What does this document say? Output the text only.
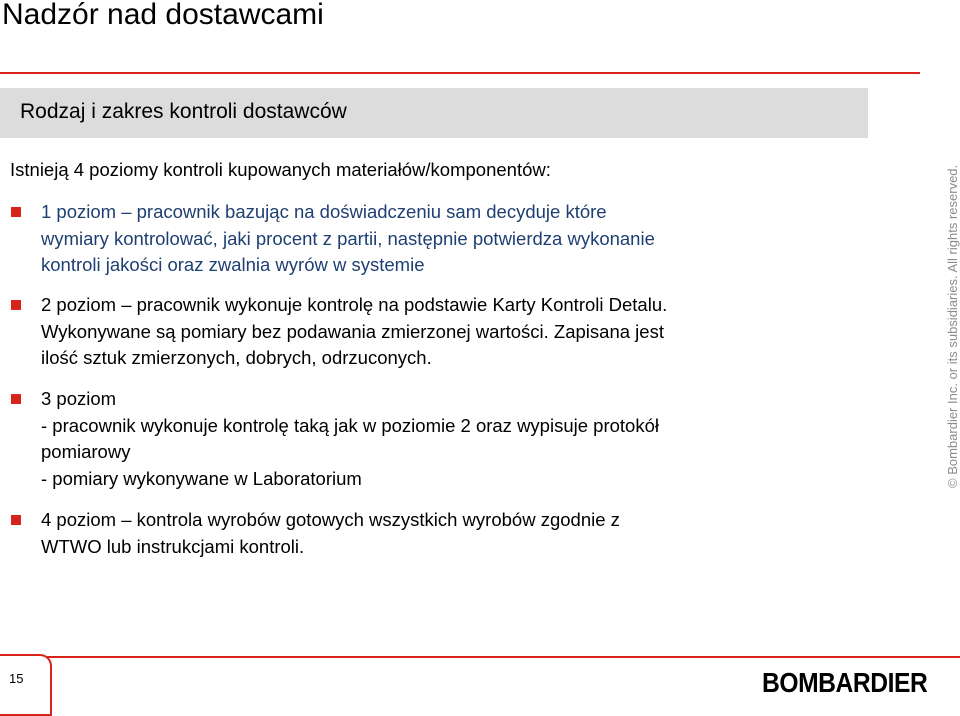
Nadzór nad dostawcami
Rodzaj i zakres kontroli dostawców
Istnieją 4 poziomy kontroli kupowanych materiałów/komponentów:
1 poziom – pracownik bazując na doświadczeniu sam decyduje które
wymiary kontrolować, jaki procent z partii, następnie potwierdza wykonanie
kontroli jakości oraz zwalnia wyrów w systemie
2 poziom – pracownik wykonuje kontrolę na podstawie Karty Kontroli Detalu.
Wykonywane są pomiary bez podawania zmierzonej wartości. Zapisana jest
ilość sztuk zmierzonych, dobrych, odrzuconych.
3 poziom
- pracownik wykonuje kontrolę taką jak w poziomie 2 oraz wypisuje protokół
pomiarowy
- pomiary wykonywane w Laboratorium
4 poziom – kontrola wyrobów gotowych wszystkich wyrobów zgodnie z
WTWO lub instrukcjami kontroli.
© Bombardier Inc. or its subsidiaries. All rights reserved.
15	BOMBARDIER
